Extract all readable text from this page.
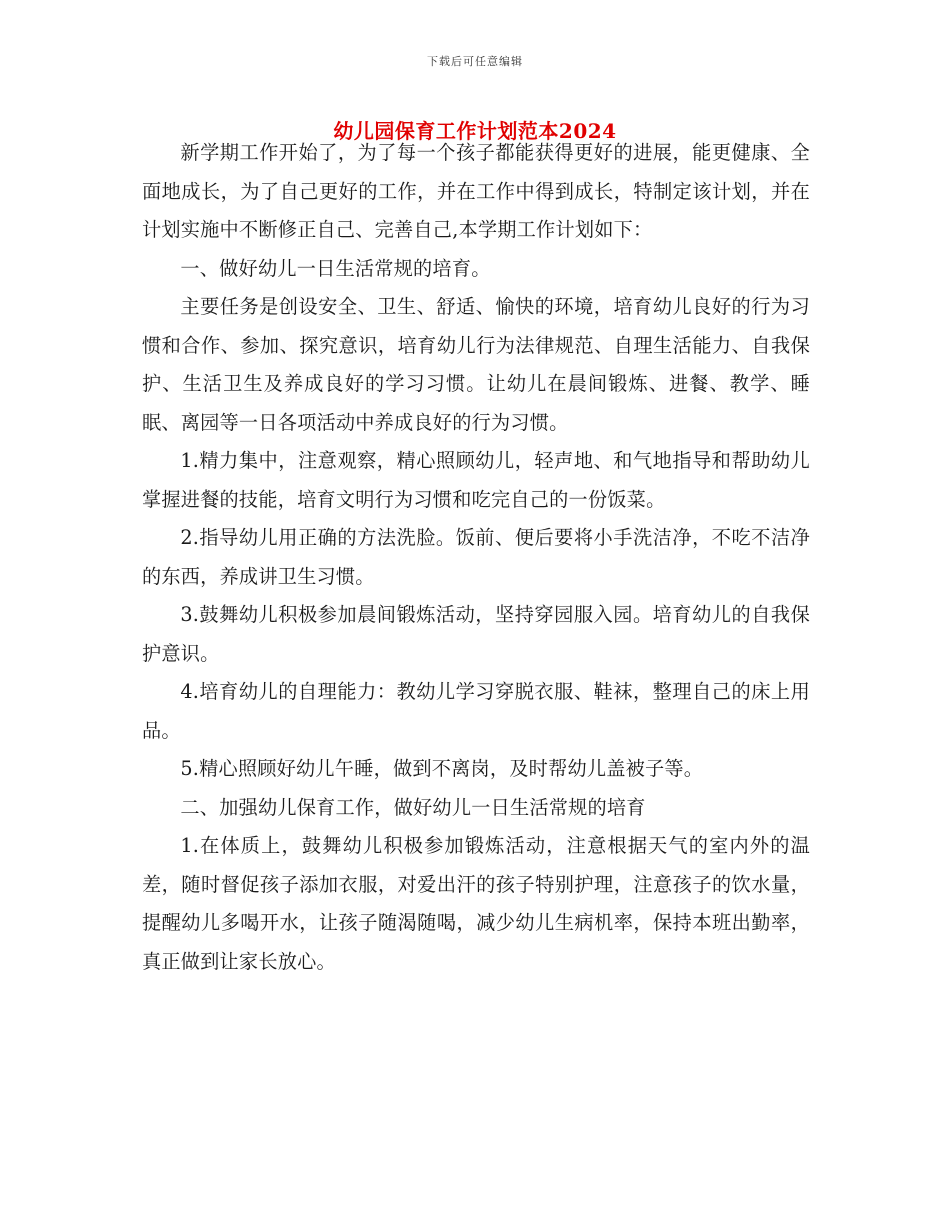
下载后可任意编辑
幼儿园保育工作计划范本2024

新学期工作开始了，为了每一个孩子都能获得更好的进展，能更健康、全面地成长，为了自己更好的工作，并在工作中得到成长，特制定该计划，并在计划实施中不断修正自己、完善自己,本学期工作计划如下：

一、做好幼儿一日生活常规的培育。

主要任务是创设安全、卫生、舒适、愉快的环境，培育幼儿良好的行为习惯和合作、参加、探究意识，培育幼儿行为法律规范、自理生活能力、自我保护、生活卫生及养成良好的学习习惯。让幼儿在晨间锻炼、进餐、教学、睡眠、离园等一日各项活动中养成良好的行为习惯。

1.精力集中，注意观察，精心照顾幼儿，轻声地、和气地指导和帮助幼儿掌握进餐的技能，培育文明行为习惯和吃完自己的一份饭菜。

2.指导幼儿用正确的方法洗脸。饭前、便后要将小手洗洁净，不吃不洁净的东西，养成讲卫生习惯。

3.鼓舞幼儿积极参加晨间锻炼活动，坚持穿园服入园。培育幼儿的自我保护意识。

4.培育幼儿的自理能力：教幼儿学习穿脱衣服、鞋袜，整理自己的床上用品。

5.精心照顾好幼儿午睡，做到不离岗，及时帮幼儿盖被子等。

二、加强幼儿保育工作，做好幼儿一日生活常规的培育

1.在体质上，鼓舞幼儿积极参加锻炼活动，注意根据天气的室内外的温差，随时督促孩子添加衣服，对爱出汗的孩子特别护理，注意孩子的饮水量，提醒幼儿多喝开水，让孩子随渴随喝，减少幼儿生病机率，保持本班出勤率，真正做到让家长放心。
